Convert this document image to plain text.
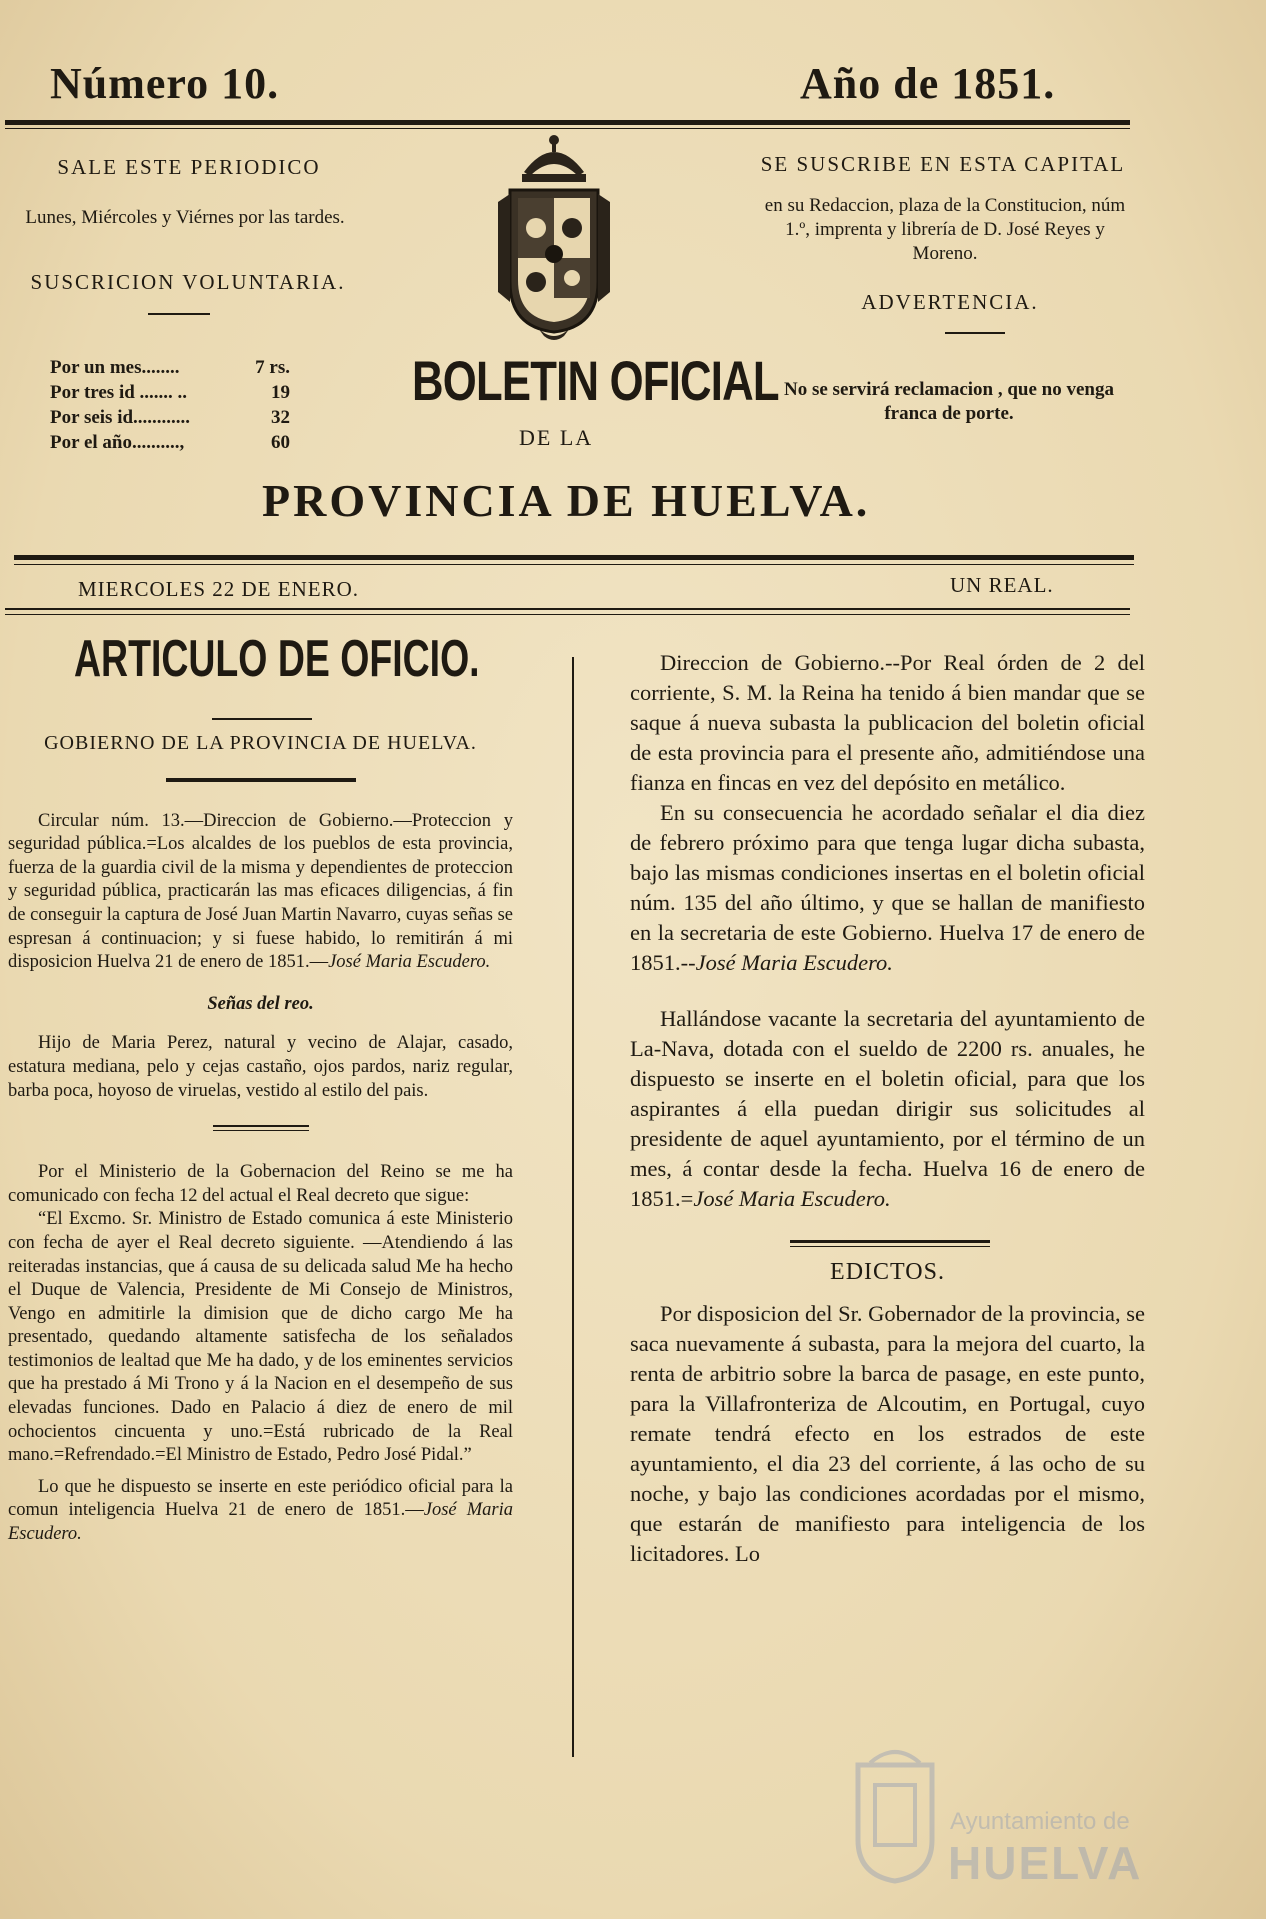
Número 10.	Año de 1851.
SALE ESTE PERIODICO
Lunes, Miércoles y Viérnes por las tardes.
SUSCRICION VOLUNTARIA.
Por un mes........	7 rs.
Por tres id ....... ..	19
Por seis id............	32
Por el año..........,	60
BOLETIN OFICIAL
DE LA
SE SUSCRIBE EN ESTA CAPITAL
en su Redaccion, plaza de la Constitucion, núm 1.º, imprenta y librería de D. José Reyes y Moreno.
ADVERTENCIA.
No se servirá reclamacion , que no venga franca de porte.
PROVINCIA DE HUELVA.
MIERCOLES 22 DE ENERO.	UN REAL.
ARTICULO DE OFICIO.
GOBIERNO DE LA PROVINCIA DE HUELVA.

Circular núm. 13.—Direccion de Gobierno.—Proteccion y seguridad pública.=Los alcaldes de los pueblos de esta provincia, fuerza de la guardia civil de la misma y dependientes de proteccion y seguridad pública, practicarán las mas eficaces diligencias, á fin de conseguir la captura de José Juan Martin Navarro, cuyas señas se espresan á continuacion; y si fuese habido, lo remitirán á mi disposicion Huelva 21 de enero de 1851.—José Maria Escudero.

Señas del reo.

Hijo de Maria Perez, natural y vecino de Alajar, casado, estatura mediana, pelo y cejas castaño, ojos pardos, nariz regular, barba poca, hoyoso de viruelas, vestido al estilo del pais.

Por el Ministerio de la Gobernacion del Reino se me ha comunicado con fecha 12 del actual el Real decreto que sigue:

“El Excmo. Sr. Ministro de Estado comunica á este Ministerio con fecha de ayer el Real decreto siguiente. —Atendiendo á las reiteradas instancias, que á causa de su delicada salud Me ha hecho el Duque de Valencia, Presidente de Mi Consejo de Ministros, Vengo en admitirle la dimision que de dicho cargo Me ha presentado, quedando altamente satisfecha de los señalados testimonios de lealtad que Me ha dado, y de los eminentes servicios que ha prestado á Mi Trono y á la Nacion en el desempeño de sus elevadas funciones. Dado en Palacio á diez de enero de mil ochocientos cincuenta y uno.=Está rubricado de la Real mano.=Refrendado.=El Ministro de Estado, Pedro José Pidal.”

Lo que he dispuesto se inserte en este periódico oficial para la comun inteligencia Huelva 21 de enero de 1851.—José Maria Escudero.

Direccion de Gobierno.--Por Real órden de 2 del corriente, S. M. la Reina ha tenido á bien mandar que se saque á nueva subasta la publicacion del boletin oficial de esta provincia para el presente año, admitiéndose una fianza en fincas en vez del depósito en metálico.

En su consecuencia he acordado señalar el dia diez de febrero próximo para que tenga lugar dicha subasta, bajo las mismas condiciones insertas en el boletin oficial núm. 135 del año último, y que se hallan de manifiesto en la secretaria de este Gobierno. Huelva 17 de enero de 1851.--José Maria Escudero.

Hallándose vacante la secretaria del ayuntamiento de La-Nava, dotada con el sueldo de 2200 rs. anuales, he dispuesto se inserte en el boletin oficial, para que los aspirantes á ella puedan dirigir sus solicitudes al presidente de aquel ayuntamiento, por el término de un mes, á contar desde la fecha. Huelva 16 de enero de 1851.=José Maria Escudero.

EDICTOS.

Por disposicion del Sr. Gobernador de la provincia, se saca nuevamente á subasta, para la mejora del cuarto, la renta de arbitrio sobre la barca de pasage, en este punto, para la Villafronteriza de Alcoutim, en Portugal, cuyo remate tendrá efecto en los estrados de este ayuntamiento, el dia 23 del corriente, á las ocho de su noche, y bajo las condiciones acordadas por el mismo, que estarán de manifiesto para inteligencia de los licitadores. Lo

Ayuntamiento de
HUELVA
